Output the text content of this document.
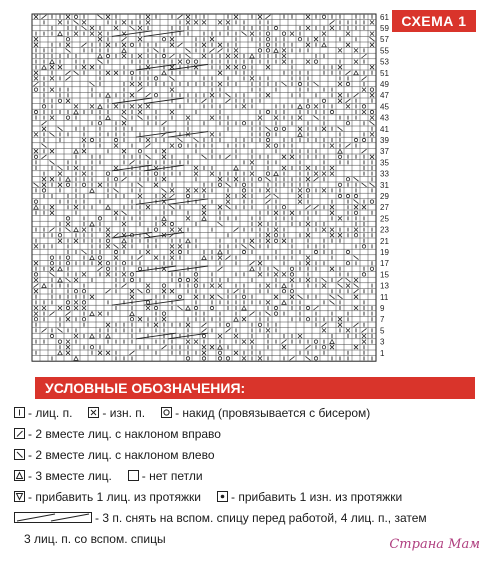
61
59
57
55
53
51
49
47
45
43
41
39
37
35
33
31
29
27
25
23
21
19
17
15
13
11
9
7
5
3
1
СХЕМА 1
УСЛОВНЫЕ ОБОЗНАЧЕНИЯ:
- лиц. п.	- изн. п.	- накид (провязывается с бисером)
- 2 вместе лиц. с наклоном вправо
- 2 вместе лиц. с наклоном влево
- 3 вместе лиц.	- нет петли
- прибавить 1 лиц. из протяжки	- прибавить 1 изн. из протяжки
- 3 п. снять на вспом. спицу перед работой, 4 лиц. п., затем
3 лиц. п. со вспом. спицы	Страна Мам
